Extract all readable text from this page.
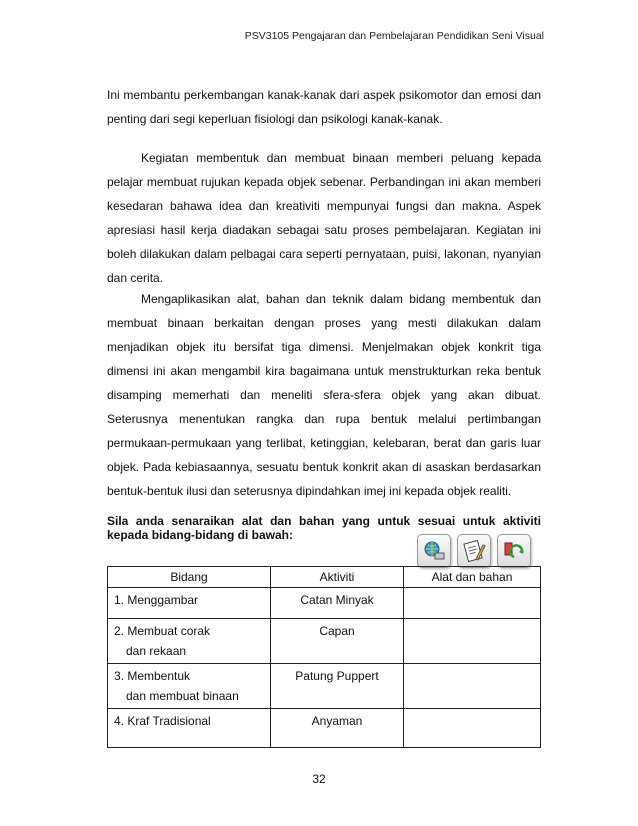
PSV3105 Pengajaran dan Pembelajaran Pendidikan Seni Visual

Ini membantu perkembangan kanak-kanak dari aspek psikomotor dan emosi dan penting dari segi keperluan fisiologi dan psikologi kanak-kanak.

Kegiatan membentuk dan membuat binaan memberi peluang kepada pelajar membuat rujukan kepada objek sebenar. Perbandingan ini akan memberi kesedaran bahawa idea dan kreativiti mempunyai fungsi dan makna. Aspek apresiasi hasil kerja diadakan sebagai satu proses pembelajaran. Kegiatan ini boleh dilakukan dalam pelbagai cara seperti pernyataan, puisi, lakonan, nyanyian dan cerita.

Mengaplikasikan alat, bahan dan teknik dalam bidang membentuk dan membuat binaan berkaitan dengan proses yang mesti dilakukan dalam menjadikan objek itu bersifat tiga dimensi. Menjelmakan objek konkrit tiga dimensi ini akan mengambil kira bagaimana untuk menstrukturkan reka bentuk disamping memerhati dan meneliti sfera-sfera objek yang akan dibuat. Seterusnya menentukan rangka dan rupa bentuk melalui pertimbangan permukaan-permukaan yang terlibat, ketinggian, kelebaran, berat dan garis luar objek. Pada kebiasaannya, sesuatu bentuk konkrit akan di asaskan berdasarkan bentuk-bentuk ilusi dan seterusnya dipindahkan imej ini kepada objek realiti.

Sila anda senaraikan alat dan bahan yang untuk sesuai untuk aktiviti kepada bidang-bidang di bawah:
Bidang	Aktiviti	Alat dan bahan
1. Menggambar	Catan Minyak	
2. Membuat corak
dan rekaan	Capan	
3. Membentuk
dan membuat binaan	Patung Puppert	
4. Kraf Tradisional	Anyaman	
32
